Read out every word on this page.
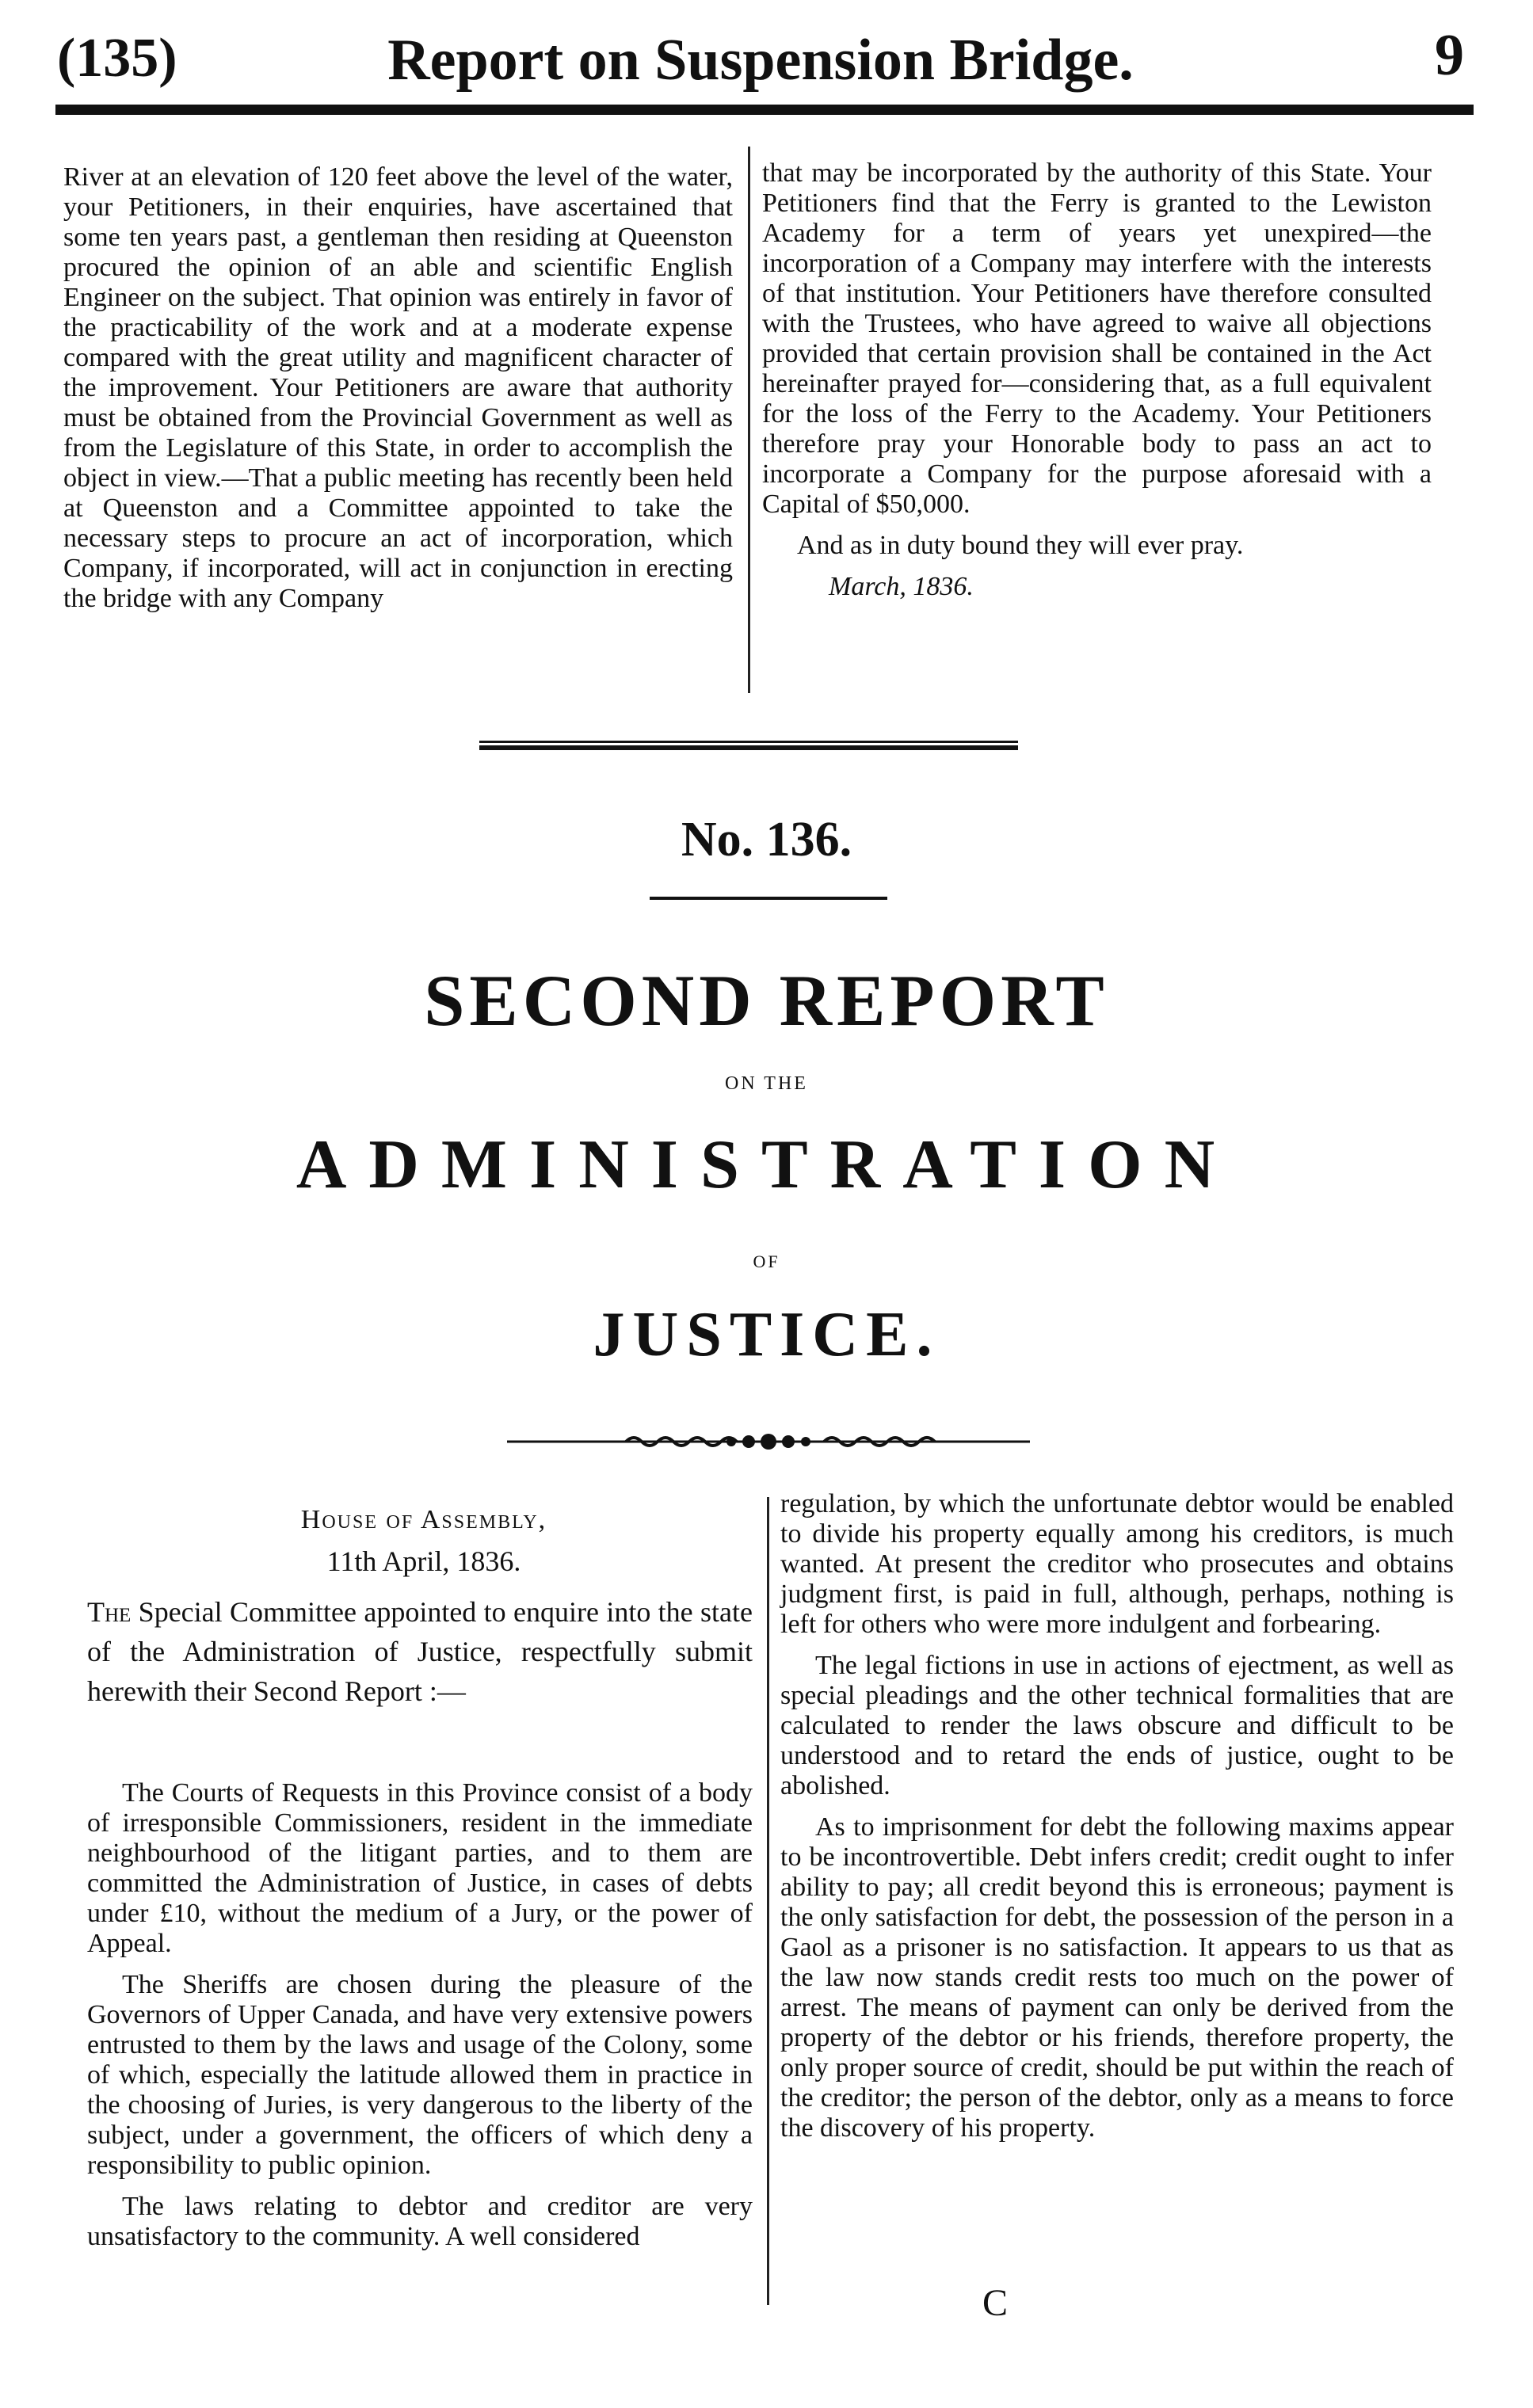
(135)	Report on Suspension Bridge.	9

River at an elevation of 120 feet above the level of the water, your Petitioners, in their enquiries, have ascertained that some ten years past, a gentleman then residing at Queenston procured the opinion of an able and scientific English Engineer on the subject. That opinion was entirely in favor of the practicability of the work and at a moderate expense compared with the great utility and magnificent character of the improvement. Your Petitioners are aware that authority must be obtained from the Provincial Government as well as from the Legislature of this State, in order to accomplish the object in view.—That a public meeting has recently been held at Queenston and a Committee appointed to take the necessary steps to procure an act of incorporation, which Company, if incorporated, will act in conjunction in erecting the bridge with any Company

that may be incorporated by the authority of this State. Your Petitioners find that the Ferry is granted to the Lewiston Academy for a term of years yet unexpired—the incorporation of a Company may interfere with the interests of that institution. Your Petitioners have therefore consulted with the Trustees, who have agreed to waive all objections provided that certain provision shall be contained in the Act hereinafter prayed for—considering that, as a full equivalent for the loss of the Ferry to the Academy. Your Petitioners therefore pray your Honorable body to pass an act to incorporate a Company for the purpose aforesaid with a Capital of $50,000.

And as in duty bound they will ever pray.

March, 1836.

No. 136.
SECOND REPORT
ON THE
ADMINISTRATION
OF
JUSTICE.
House of Assembly,
11th April, 1836.
The Special Committee appointed to enquire into the state of the Administration of Justice, respectfully submit herewith their Second Report :—

The Courts of Requests in this Province consist of a body of irresponsible Commissioners, resident in the immediate neighbourhood of the litigant parties, and to them are committed the Administration of Justice, in cases of debts under £10, without the medium of a Jury, or the power of Appeal.

The Sheriffs are chosen during the pleasure of the Governors of Upper Canada, and have very extensive powers entrusted to them by the laws and usage of the Colony, some of which, especially the latitude allowed them in practice in the choosing of Juries, is very dangerous to the liberty of the subject, under a government, the officers of which deny a responsibility to public opinion.

The laws relating to debtor and creditor are very unsatisfactory to the community. A well considered

regulation, by which the unfortunate debtor would be enabled to divide his property equally among his creditors, is much wanted. At present the creditor who prosecutes and obtains judgment first, is paid in full, although, perhaps, nothing is left for others who were more indulgent and forbearing.

The legal fictions in use in actions of ejectment, as well as special pleadings and the other technical formalities that are calculated to render the laws obscure and difficult to be understood and to retard the ends of justice, ought to be abolished.

As to imprisonment for debt the following maxims appear to be incontrovertible. Debt infers credit; credit ought to infer ability to pay; all credit beyond this is erroneous; payment is the only satisfaction for debt, the possession of the person in a Gaol as a prisoner is no satisfaction. It appears to us that as the law now stands credit rests too much on the power of arrest. The means of payment can only be derived from the property of the debtor or his friends, therefore property, the only proper source of credit, should be put within the reach of the creditor; the person of the debtor, only as a means to force the discovery of his property.

C
